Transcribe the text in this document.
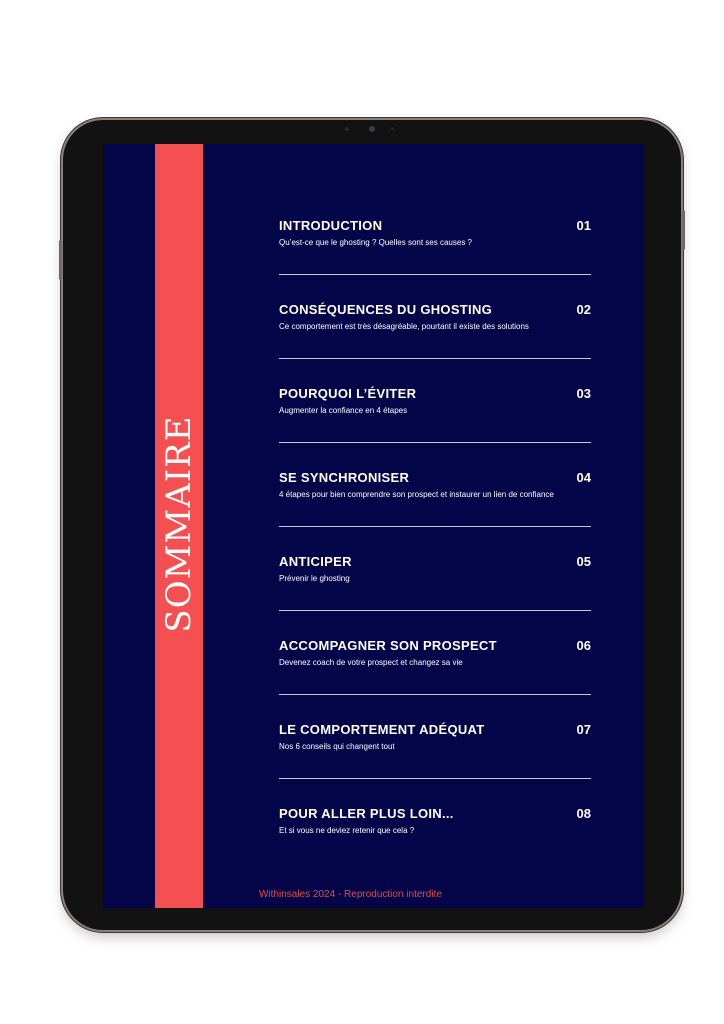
SOMMAIRE
INTRODUCTION	01
Qu’est-ce que le ghosting ? Quelles sont ses causes ?
CONSÉQUENCES DU GHOSTING	02
Ce comportement est très désagréable, pourtant il existe des solutions
POURQUOI L’ÉVITER	03
Augmenter la confiance en 4 étapes
SE SYNCHRONISER	04
4 étapes pour bien comprendre son prospect et instaurer un lien de confiance
ANTICIPER	05
Prévenir le ghosting
ACCOMPAGNER SON PROSPECT	06
Devenez coach de votre prospect et changez sa vie
LE COMPORTEMENT ADÉQUAT	07
Nos 6 conseils qui changent tout
POUR ALLER PLUS LOIN...	08
Et si vous ne deviez retenir que cela ?
Withinsales 2024 - Reproduction interdite
